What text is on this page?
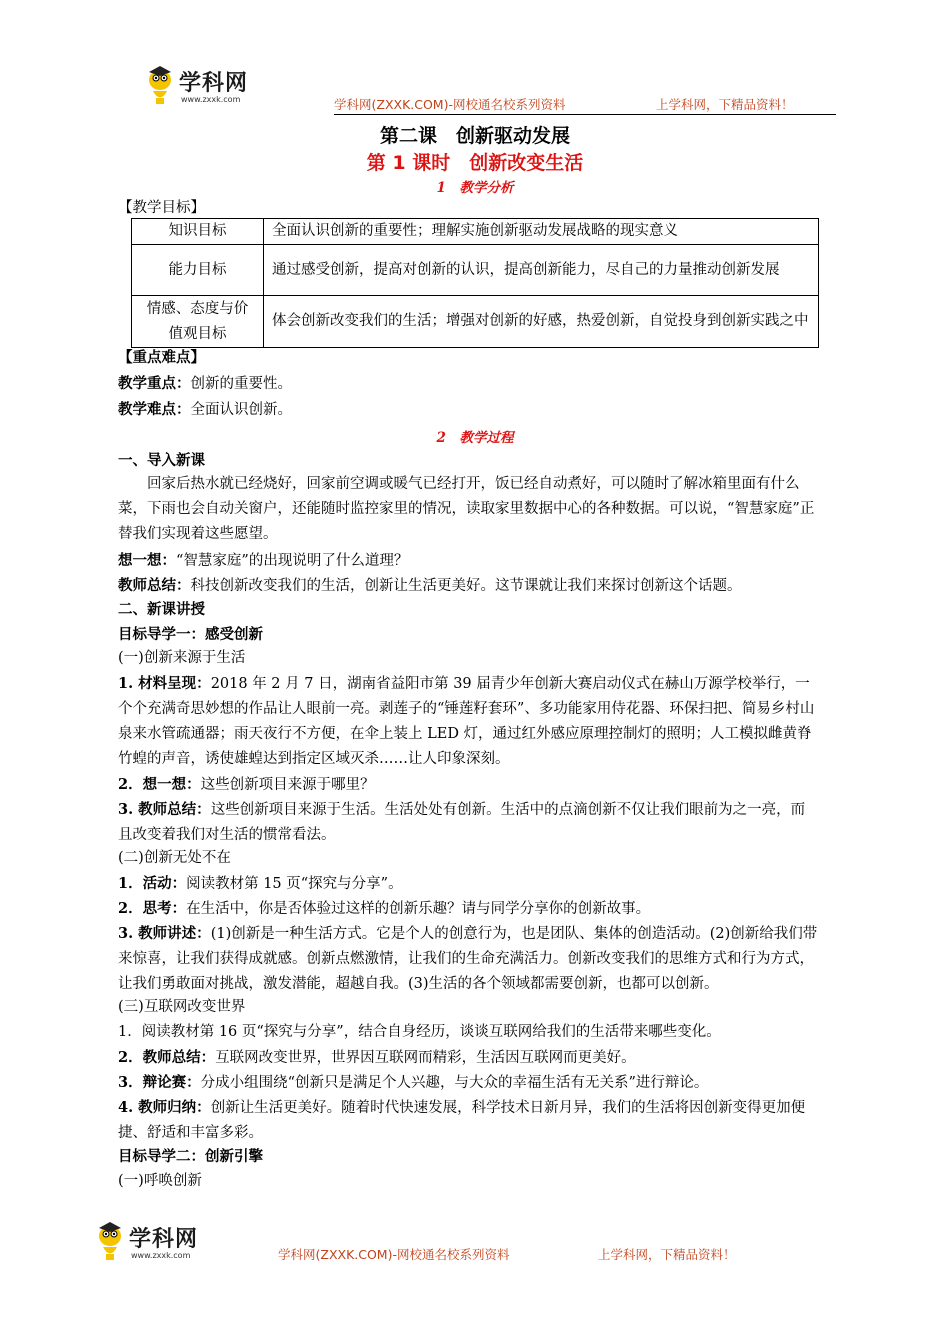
学科网
www.zxxk.com	学科网(ZXXK.COM)-网校通名校系列资料	上学科网，下精品资料！
第二课　创新驱动发展
第 1 课时　创新改变生活
1　教学分析
【教学目标】
知识目标	全面认识创新的重要性；理解实施创新驱动发展战略的现实意义
能力目标	通过感受创新，提高对创新的认识，提高创新能力，尽自己的力量推动创新发展
情感、态度与价值观目标	体会创新改变我们的生活；增强对创新的好感，热爱创新，自觉投身到创新实践之中
【重点难点】
教学重点：创新的重要性。
教学难点：全面认识创新。
2　教学过程
一、导入新课
回家后热水就已经烧好，回家前空调或暖气已经打开，饭已经自动煮好，可以随时了解冰箱里面有什么菜，下雨也会自动关窗户，还能随时监控家里的情况，读取家里数据中心的各种数据。可以说，“智慧家庭”正替我们实现着这些愿望。
想一想：“智慧家庭”的出现说明了什么道理？
教师总结：科技创新改变我们的生活，创新让生活更美好。这节课就让我们来探讨创新这个话题。
二、新课讲授
目标导学一：感受创新
(一)创新来源于生活
1. 材料呈现：2018 年 2 月 7 日，湖南省益阳市第 39 届青少年创新大赛启动仪式在赫山万源学校举行，一个个充满奇思妙想的作品让人眼前一亮。剥莲子的“锤莲籽套环”、多功能家用侍花器、环保扫把、简易乡村山泉来水管疏通器；雨天夜行不方便，在伞上装上 LED 灯，通过红外感应原理控制灯的照明；人工模拟雌黄脊竹蝗的声音，诱使雄蝗达到指定区域灭杀……让人印象深刻。
2．想一想：这些创新项目来源于哪里？
3. 教师总结：这些创新项目来源于生活。生活处处有创新。生活中的点滴创新不仅让我们眼前为之一亮，而且改变着我们对生活的惯常看法。
(二)创新无处不在
1．活动：阅读教材第 15 页“探究与分享”。
2．思考：在生活中，你是否体验过这样的创新乐趣？请与同学分享你的创新故事。
3. 教师讲述：(1)创新是一种生活方式。它是个人的创意行为，也是团队、集体的创造活动。(2)创新给我们带来惊喜，让我们获得成就感。创新点燃激情，让我们的生命充满活力。创新改变我们的思维方式和行为方式，让我们勇敢面对挑战，激发潜能，超越自我。(3)生活的各个领域都需要创新，也都可以创新。
(三)互联网改变世界
1．阅读教材第 16 页“探究与分享”，结合自身经历，谈谈互联网给我们的生活带来哪些变化。
2．教师总结：互联网改变世界，世界因互联网而精彩，生活因互联网而更美好。
3．辩论赛：分成小组围绕“创新只是满足个人兴趣，与大众的幸福生活有无关系”进行辩论。
4. 教师归纳：创新让生活更美好。随着时代快速发展，科学技术日新月异，我们的生活将因创新变得更加便捷、舒适和丰富多彩。
目标导学二：创新引擎
(一)呼唤创新
学科网
www.zxxk.com	学科网(ZXXK.COM)-网校通名校系列资料	上学科网，下精品资料！
